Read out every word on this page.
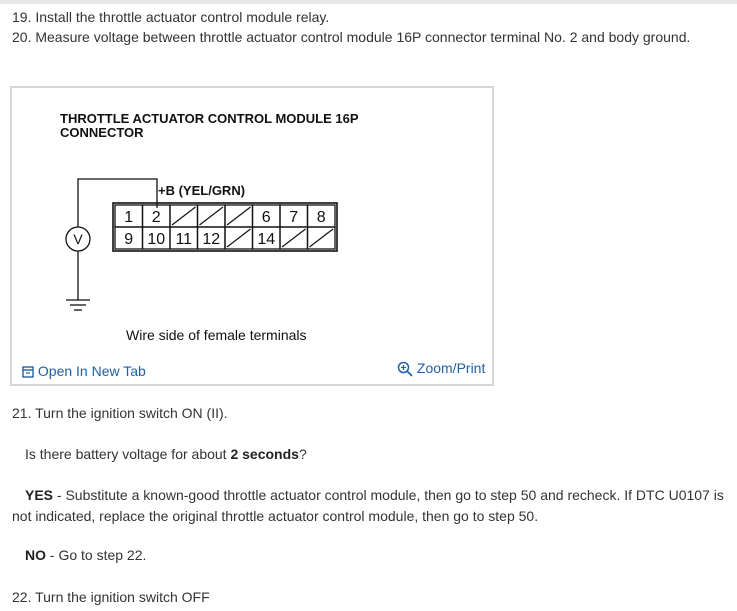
19. Install the throttle actuator control module relay.
20. Measure voltage between throttle actuator control module 16P connector terminal No. 2 and body ground.
THROTTLE ACTUATOR CONTROL MODULE 16P
CONNECTOR
+B (YEL/GRN)
V
1 2	6 7 8
9 10 11 12 14
Wire side of female terminals
Open In New Tab	Zoom/Print
21. Turn the ignition switch ON (II).
Is there battery voltage for about 2 seconds?
YES - Substitute a known-good throttle actuator control module, then go to step 50 and recheck. If DTC U0107 is not indicated, replace the original throttle actuator control module, then go to step 50.
NO - Go to step 22.
22. Turn the ignition switch OFF
